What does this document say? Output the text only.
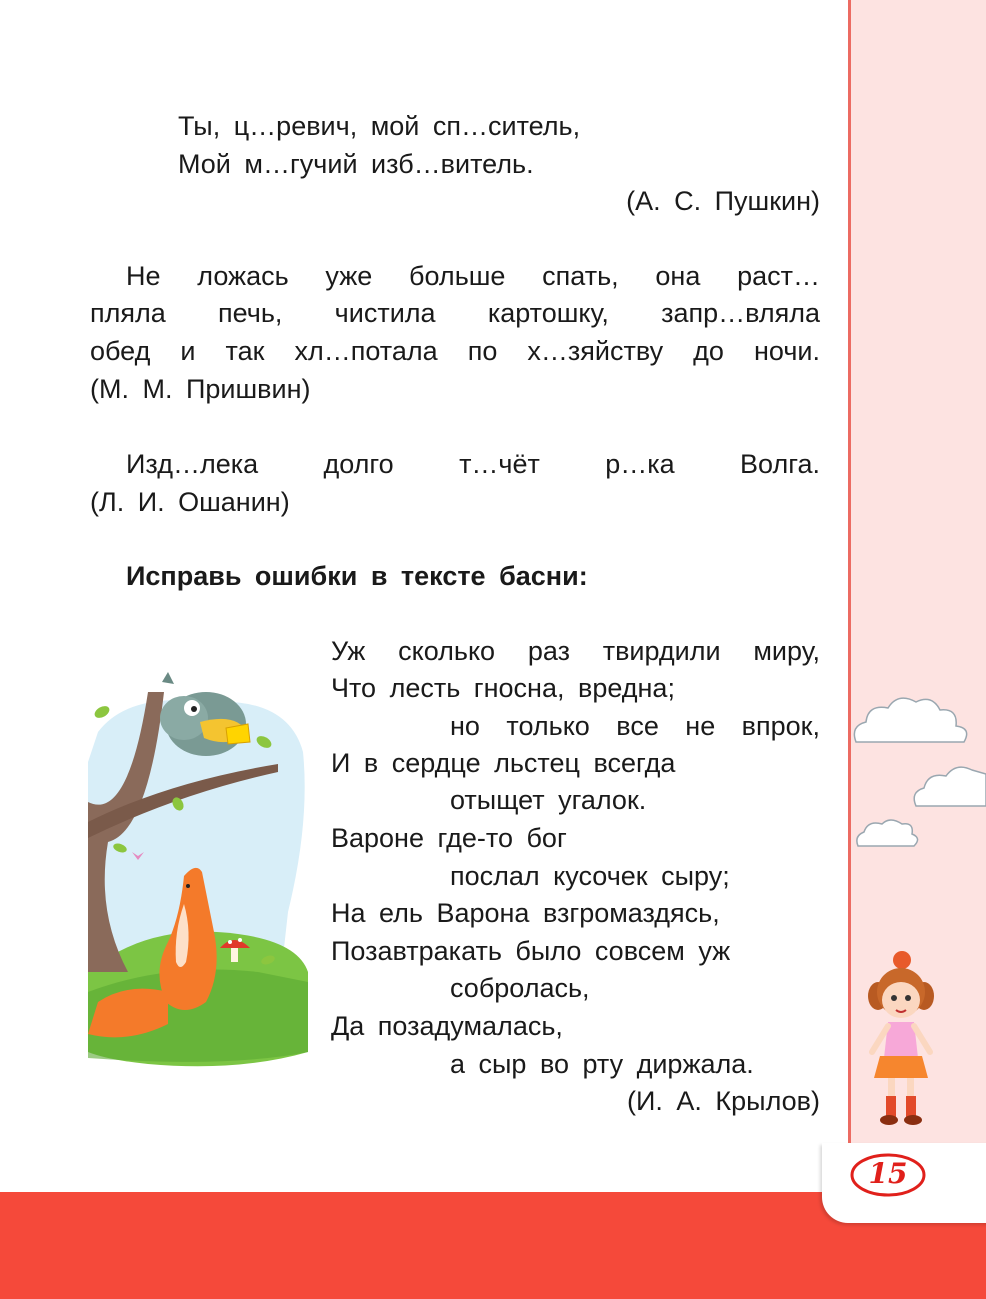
15
Ты, ц…ревич, мой сп…ситель,
Мой м…гучий изб…витель.
(А. С. Пушкин)
Не ложась уже больше спать, она раст…
пляла печь, чистила картошку, запр…вляла
обед и так хл…потала по х…зяйству до ночи.
(М. М. Пришвин)
Изд…лека долго т…чёт р…ка Волга.
(Л. И. Ошанин)
Исправь ошибки в тексте басни:
Уж сколько раз твирдили миру,
Что лесть гносна, вредна;
но только все не впрок,
И в сердце льстец всегда
отыщет угалок.
Вароне где-то бог
послал кусочек сыру;
На ель Варона взгромаздясь,
Позавтракать было совсем уж
собролась,
Да позадумалась,
а сыр во рту диржала.
(И. А. Крылов)
